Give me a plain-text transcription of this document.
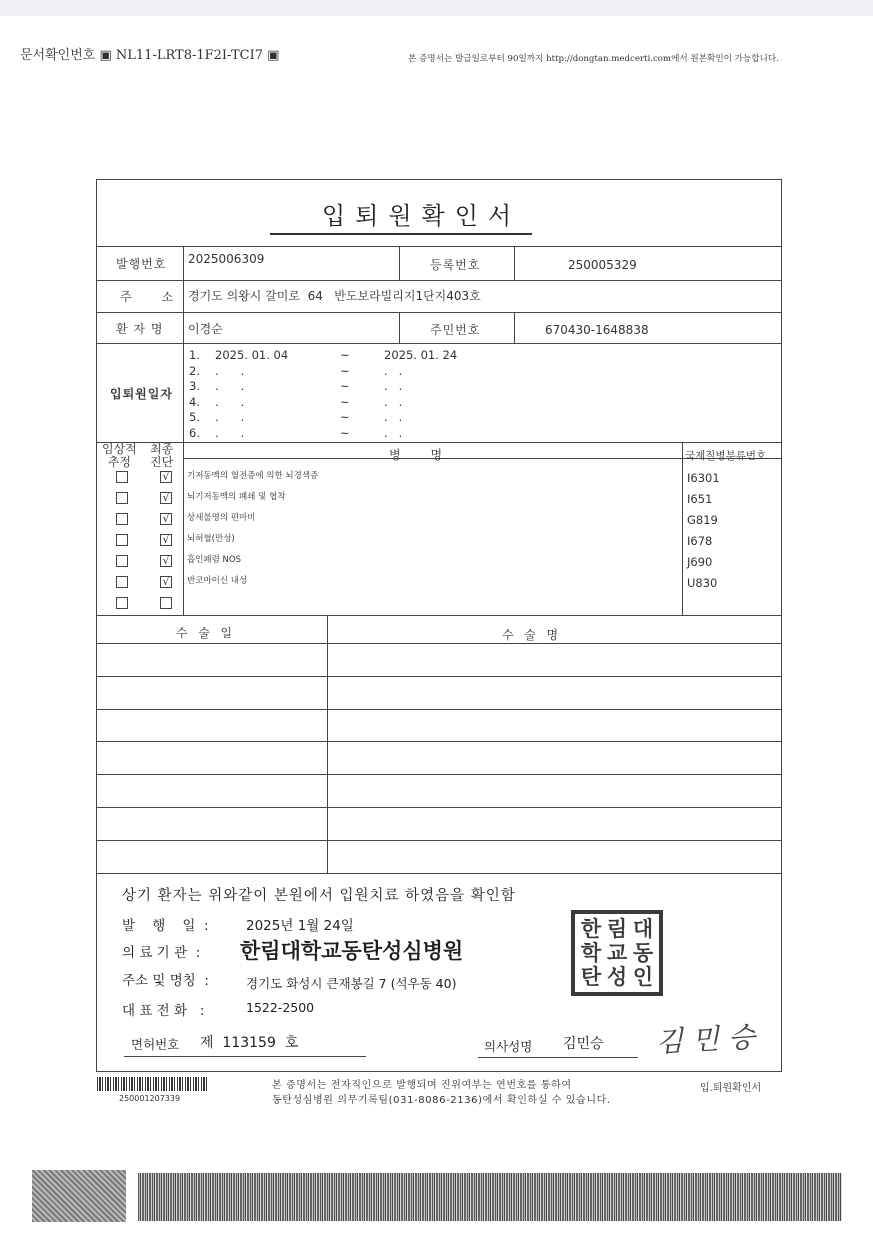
문서확인번호 ▣ NL11-LRT8-1F2I-TCI7 ▣	본 증명서는 발급일로부터 90일까지 http://dongtan.medcerti.com에서 원본확인이 가능합니다.
입퇴원확인서
발행번호 2025006309	등록번호	250005329
주      소 경기도 의왕시 갈미로  64   반도보라빌리지1단지403호
환 자 명 이경순	주민번호	670430-1648838
입퇴원일자
1. 2025. 01. 04	~	2025. 01. 24
2. .      .	~	.   .
3. .      .	~	.   .
4. .      .	~	.   .
5. .      .	~	.   .
6. .      .	~	.   .
임상적
추정
최종
진단	병      명	국제질병분류번호
√ 기저동맥의 혈전증에 의한 뇌경색증	I6301
√ 뇌기저동맥의 폐쇄 및 협착	I651
√ 상세불명의 편마비	G819
√ 뇌허혈(만성)	I678
√ 흡인폐렴 NOS	J690
√ 반코마이신 내성	U830
수  술  일	수  술  명
상기 환자는 위와같이 본원에서 입원치료 하였음을 확인함
발    행    일  :	2025년 1월 24일
의 료 기 관  : 한림대학교동탄성심병원
주소 및 명칭  :	경기도 화성시 큰재봉길 7 (석우동 40)
대 표 전 화   :	1522-2500
면허번호 제  113159  호	의사성명 김민승 김 민 승
한 림 대
학 교 동
탄 성 인
250001207339
본 증명서는 전자직인으로 발행되며 진위여부는 연번호를 통하여
동탄성심병원 의무기록팀(031-8086-2136)에서 확인하실 수 있습니다.
입.퇴원확인서
